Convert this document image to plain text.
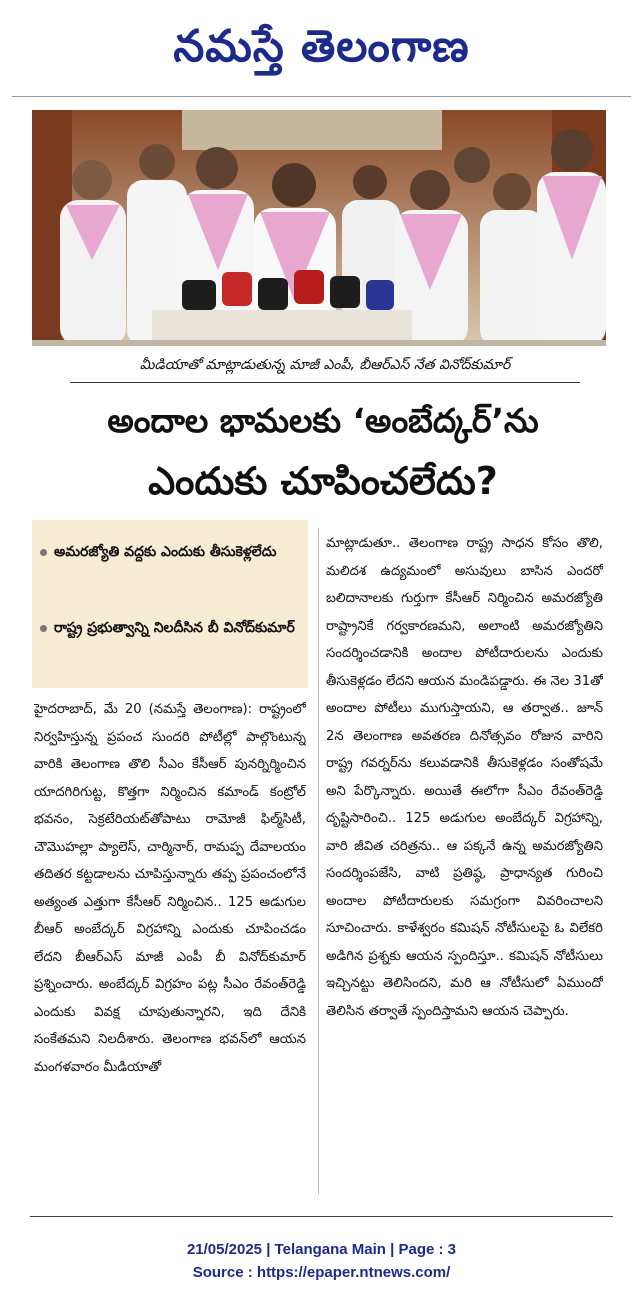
నమస్తే తెలంగాణ
మీడియాతో మాట్లాడుతున్న మాజీ ఎంపీ, బీఆర్‌ఎస్ నేత వినోద్‌కుమార్
అందాల భామలకు ‘అంబేద్కర్’ను
ఎందుకు చూపించలేదు?
అమరజ్యోతి వద్దకు ఎందుకు తీసుకెళ్లలేదు
రాష్ట్ర ప్రభుత్వాన్ని నిలదీసిన బీ వినోద్‌కుమార్
హైదరాబాద్, మే 20 (నమస్తే తెలంగాణ): రాష్ట్రంలో నిర్వహిస్తున్న ప్రపంచ సుందరి పోటీల్లో పాల్గొంటున్న వారికి తెలంగాణ తొలి సీఎం కేసీఆర్ పునర్నిర్మించిన యాదగిరిగుట్ట, కొత్తగా నిర్మించిన కమాండ్ కంట్రోల్ భవనం, సెక్రటేరియట్‌తోపాటు రామోజీ ఫిల్మ్‌సిటీ, చౌమొహల్లా ప్యాలెస్, చార్మినార్, రామప్ప దేవాలయం తదితర కట్టడాలను చూపిస్తున్నారు తప్ప ప్రపంచంలోనే అత్యంత ఎత్తుగా కేసీఆర్ నిర్మించిన.. 125 అడుగుల బీఆర్ అంబేద్కర్ విగ్రహాన్ని ఎందుకు చూపించడం లేదని బీఆర్‌ఎస్ మాజీ ఎంపీ బీ వినోద్‌కుమార్ ప్రశ్నించారు. అంబేద్కర్ విగ్రహం పట్ల సీఎం రేవంత్‌రెడ్డి ఎందుకు వివక్ష చూపుతున్నారని, ఇది దేనికి సంకేతమని నిలదీశారు. తెలంగాణ భవన్‌లో ఆయన మంగళవారం మీడియాతో
మాట్లాడుతూ.. తెలంగాణ రాష్ట్ర సాధన కోసం తొలి, మలిదశ ఉద్యమంలో అసువులు బాసిన ఎందరో బలిదానాలకు గుర్తుగా కేసీఆర్ నిర్మించిన అమరజ్యోతి రాష్ట్రానికే గర్వకారణమని, అలాంటి అమరజ్యోతిని సందర్శించడానికి అందాల పోటీదారులను ఎందుకు తీసుకెళ్లడం లేదని ఆయన మండిపడ్డారు. ఈ నెల 31తో అందాల పోటీలు ముగుస్తాయని, ఆ తర్వాత.. జూన్ 2న తెలంగాణ అవతరణ దినోత్సవం రోజున వారిని రాష్ట్ర గవర్నర్‌ను కలువడానికి తీసుకెళ్లడం సంతోషమే అని పేర్కొన్నారు. అయితే ఈలోగా సీఎం రేవంత్‌రెడ్డి దృష్టిసారించి.. 125 అడుగుల అంబేద్కర్ విగ్రహాన్ని, వారి జీవిత చరిత్రను.. ఆ పక్కనే ఉన్న అమరజ్యోతిని సందర్శింపజేసి, వాటి ప్రతిష్ఠ, ప్రాధాన్యత గురించి అందాల పోటీదారులకు సమగ్రంగా వివరించాలని సూచించారు. కాళేశ్వరం కమిషన్ నోటీసులపై ఓ విలేకరి అడిగిన ప్రశ్నకు ఆయన స్పందిస్తూ.. కమిషన్ నోటీసులు ఇచ్చినట్టు తెలిసిందని, మరి ఆ నోటీసులో ఏముందో తెలిసిన తర్వాతే స్పందిస్తామని ఆయన చెప్పారు.
21/05/2025 | Telangana Main | Page : 3
Source : https://epaper.ntnews.com/
